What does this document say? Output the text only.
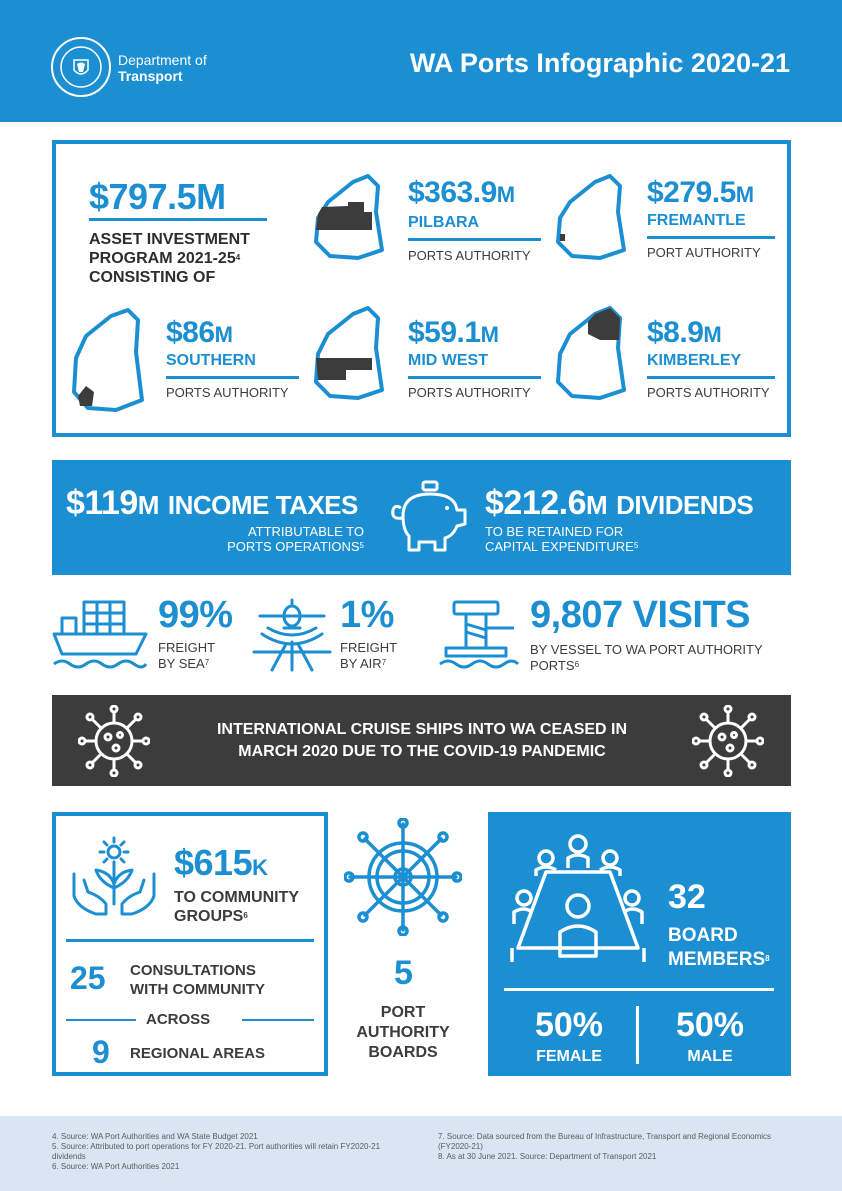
Department of
Transport	WA Ports Infographic 2020-21
$797.5M
ASSET INVESTMENT
PROGRAM $2021-25^4$
CONSISTING OF
$363.9M
PILBARA
PORTS AUTHORITY
$279.5M
FREMANTLE
PORT AUTHORITY
$86M
SOUTHERN
PORTS AUTHORITY
$59.1M
MID WEST
PORTS AUTHORITY
$8.9M
KIMBERLEY
PORTS AUTHORITY
$119M INCOME TAXES
ATTRIBUTABLE TO
PORTS OPERATIONS$^5$
$212.6M DIVIDENDS
TO BE RETAINED FOR
CAPITAL EXPENDITURE$^5$
99%
FREIGHT
BY SEA$^7$
1%
FREIGHT
BY AIR$^7$
9,807 VISITS
BY VESSEL TO WA PORT AUTHORITY
PORTS$^6$
INTERNATIONAL CRUISE SHIPS INTO WA CEASED IN
MARCH 2020 DUE TO THE COVID-19 PANDEMIC
$615K
TO COMMUNITY
GROUPS$^6$
25 CONSULTATIONS
WITH COMMUNITY
ACROSS
9 REGIONAL AREAS
5
PORT
AUTHORITY
BOARDS
32
BOARD
MEMBERS$^8$
50%
FEMALE
50%
MALE
4. Source: WA Port Authorities and WA State Budget 2021
5. Source: Attributed to port operations for FY 2020-21. Port authorities will retain FY2020-21
dividends
6. Source: WA Port Authorities 2021
7. Source: Data sourced from the Bureau of Infrastructure, Transport and Regional Economics
(FY2020-21)
8. As at 30 June 2021. Source: Department of Transport 2021
